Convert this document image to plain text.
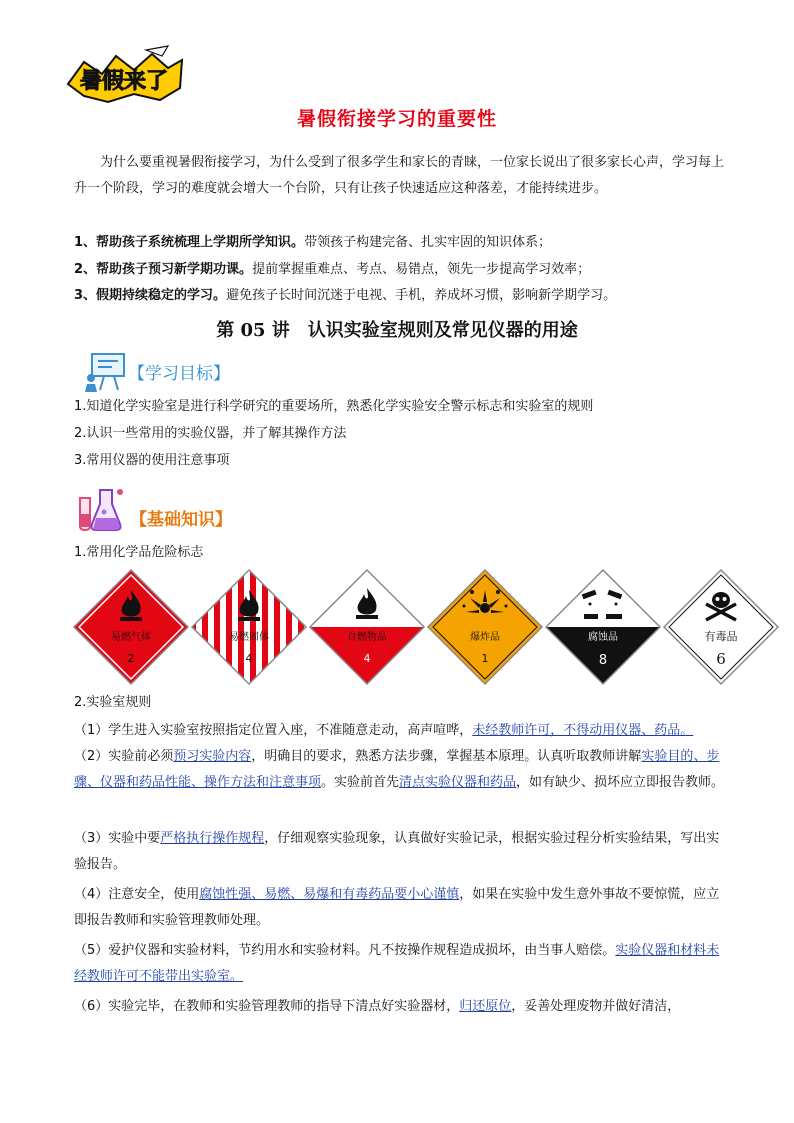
暑假来了
暑假衔接学习的重要性

为什么要重视暑假衔接学习，为什么受到了很多学生和家长的青睐，一位家长说出了很多家长心声，学习每上升一个阶段，学习的难度就会增大一个台阶，只有让孩子快速适应这种落差，才能持续进步。

1、帮助孩子系统梳理上学期所学知识。带领孩子构建完备、扎实牢固的知识体系；
2、帮助孩子预习新学期功课。提前掌握重难点、考点、易错点，领先一步提高学习效率；
3、假期持续稳定的学习。避免孩子长时间沉迷于电视、手机，养成坏习惯，影响新学期学习。
第 05 讲　认识实验室规则及常见仪器的用途
【学习目标】
1.知道化学实验室是进行科学研究的重要场所，熟悉化学实验安全警示标志和实验室的规则
2.认识一些常用的实验仪器，并了解其操作方法
3.常用仪器的使用注意事项
【基础知识】
1.常用化学品危险标志
易燃气体
2
易燃固体
4
自燃物品
4
爆炸品
1
腐蚀品
8
有毒品
6
2.实验室规则

（1）学生进入实验室按照指定位置入座，不准随意走动，高声喧哗，未经教师许可，不得动用仪器、药品。

（2）实验前必须预习实验内容，明确目的要求，熟悉方法步骤，掌握基本原理。认真听取教师讲解实验目的、步骤、仪器和药品性能、操作方法和注意事项。实验前首先清点实验仪器和药品，如有缺少、损坏应立即报告教师。

（3）实验中要严格执行操作规程，仔细观察实验现象，认真做好实验记录，根据实验过程分析实验结果，写出实验报告。

（4）注意安全，使用腐蚀性强、易燃、易爆和有毒药品要小心谨慎，如果在实验中发生意外事故不要惊慌，应立即报告教师和实验管理教师处理。

（5）爱护仪器和实验材料，节约用水和实验材料。凡不按操作规程造成损坏，由当事人赔偿。实验仪器和材料未经教师许可不能带出实验室。

（6）实验完毕，在教师和实验管理教师的指导下清点好实验器材，归还原位，妥善处理废物并做好清洁，
